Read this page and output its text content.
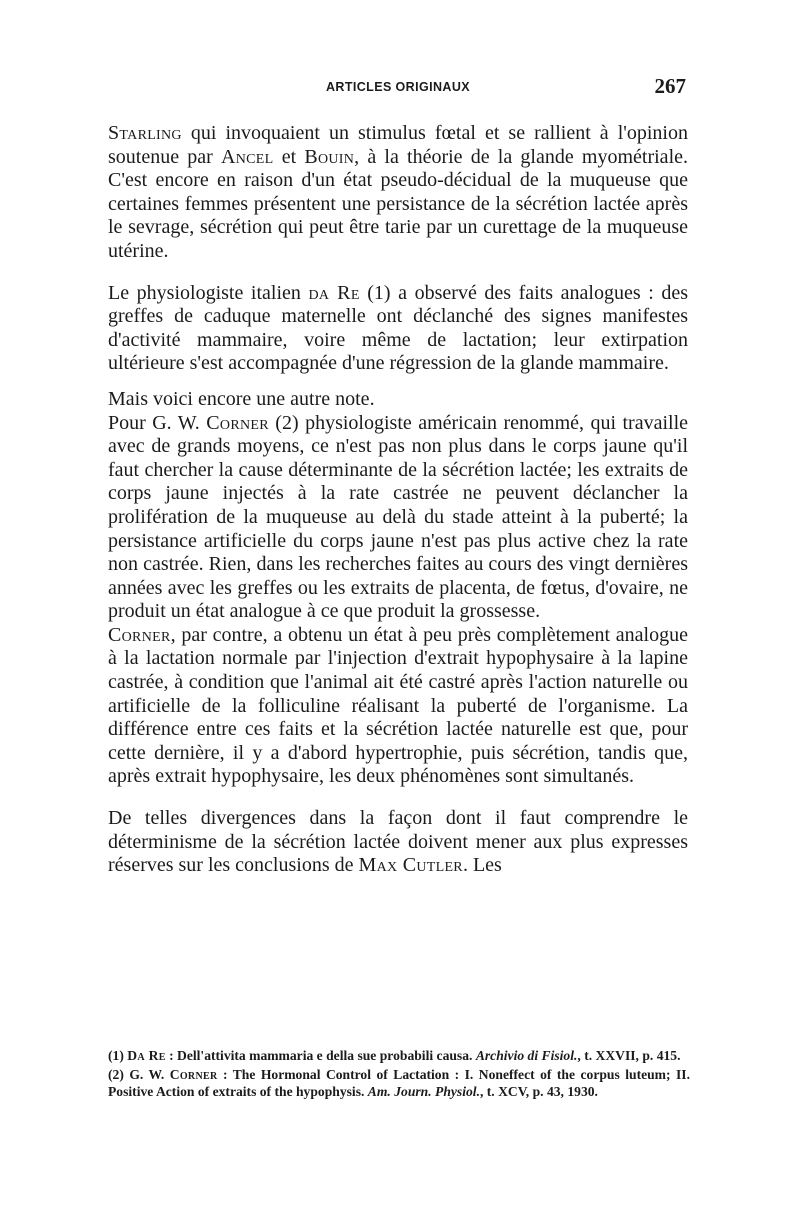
ARTICLES ORIGINAUX	267

Starling qui invoquaient un stimulus fœtal et se rallient à l'opinion soutenue par Ancel et Bouin, à la théorie de la glande myométriale. C'est encore en raison d'un état pseudo-décidual de la muqueuse que certaines femmes présentent une persistance de la sécrétion lactée après le sevrage, sécrétion qui peut être tarie par un curettage de la muqueuse utérine.

Le physiologiste italien da Re (1) a observé des faits analogues : des greffes de caduque maternelle ont déclanché des signes manifestes d'activité mammaire, voire même de lactation; leur extirpation ultérieure s'est accompagnée d'une régression de la glande mammaire.

Mais voici encore une autre note.

Pour G. W. Corner (2) physiologiste américain renommé, qui travaille avec de grands moyens, ce n'est pas non plus dans le corps jaune qu'il faut chercher la cause déterminante de la sécrétion lactée; les extraits de corps jaune injectés à la rate castrée ne peuvent déclancher la prolifération de la muqueuse au delà du stade atteint à la puberté; la persistance artificielle du corps jaune n'est pas plus active chez la rate non castrée. Rien, dans les recherches faites au cours des vingt dernières années avec les greffes ou les extraits de placenta, de fœtus, d'ovaire, ne produit un état analogue à ce que produit la grossesse.

Corner, par contre, a obtenu un état à peu près complètement analogue à la lactation normale par l'injection d'extrait hypophysaire à la lapine castrée, à condition que l'animal ait été castré après l'action naturelle ou artificielle de la folliculine réalisant la puberté de l'organisme. La différence entre ces faits et la sécrétion lactée naturelle est que, pour cette dernière, il y a d'abord hypertrophie, puis sécrétion, tandis que, après extrait hypophysaire, les deux phénomènes sont simultanés.

De telles divergences dans la façon dont il faut comprendre le déterminisme de la sécrétion lactée doivent mener aux plus expresses réserves sur les conclusions de Max Cutler. Les

(1) Da Re : Dell'attivita mammaria e della sue probabili causa. Archivio di Fisiol., t. XXVII, p. 415.

(2) G. W. Corner : The Hormonal Control of Lactation : I. Noneffect of the corpus luteum; II. Positive Action of extraits of the hypophysis. Am. Journ. Physiol., t. XCV, p. 43, 1930.
